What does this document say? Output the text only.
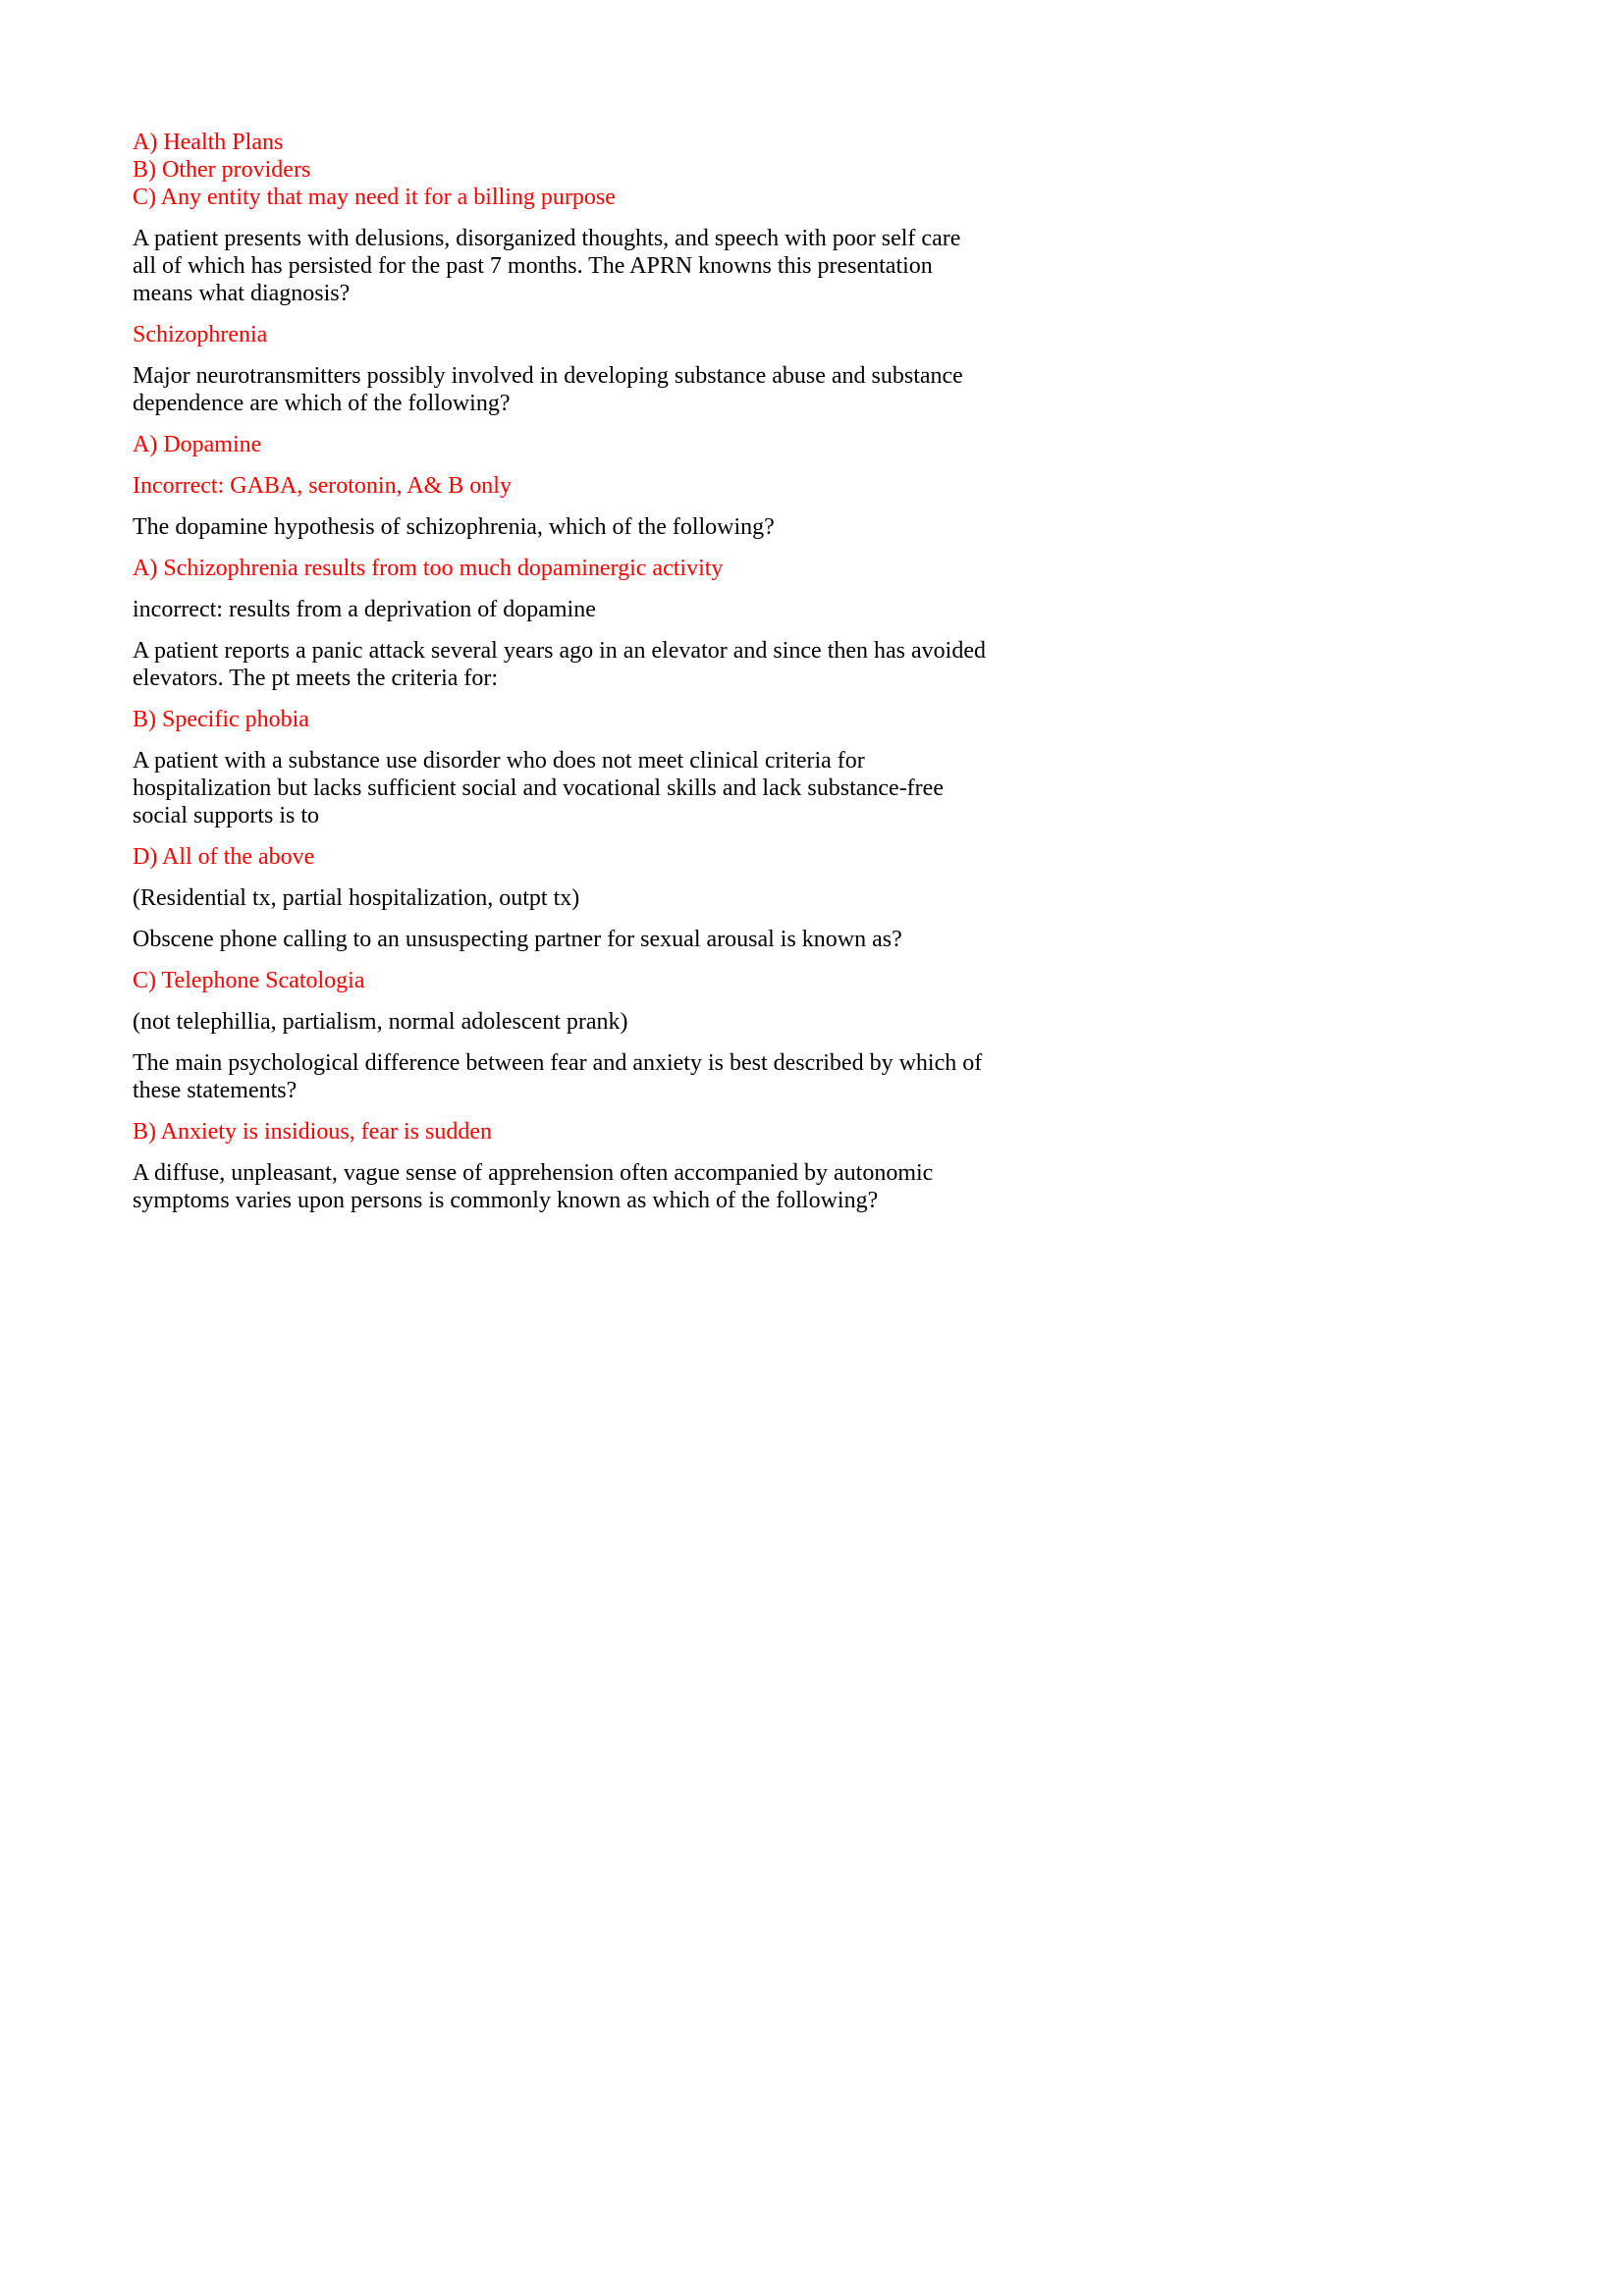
A) Health Plans

B) Other providers

C) Any entity that may need it for a billing purpose

A patient presents with delusions, disorganized thoughts, and speech with poor self care all of which has persisted for the past 7 months. The APRN knowns this presentation means what diagnosis?

Schizophrenia

Major neurotransmitters possibly involved in developing substance abuse and substance dependence are which of the following?

A) Dopamine

Incorrect: GABA, serotonin, A& B only

The dopamine hypothesis of schizophrenia, which of the following?

A) Schizophrenia results from too much dopaminergic activity

incorrect: results from a deprivation of dopamine

A patient reports a panic attack several years ago in an elevator and since then has avoided elevators. The pt meets the criteria for:

B) Specific phobia

A patient with a substance use disorder who does not meet clinical criteria for hospitalization but lacks sufficient social and vocational skills and lack substance-free social supports is to

D) All of the above

(Residential tx, partial hospitalization, outpt tx)

Obscene phone calling to an unsuspecting partner for sexual arousal is known as?

C) Telephone Scatologia

(not telephillia, partialism, normal adolescent prank)

The main psychological difference between fear and anxiety is best described by which of these statements?

B) Anxiety is insidious, fear is sudden

A diffuse, unpleasant, vague sense of apprehension often accompanied by autonomic symptoms varies upon persons is commonly known as which of the following?
